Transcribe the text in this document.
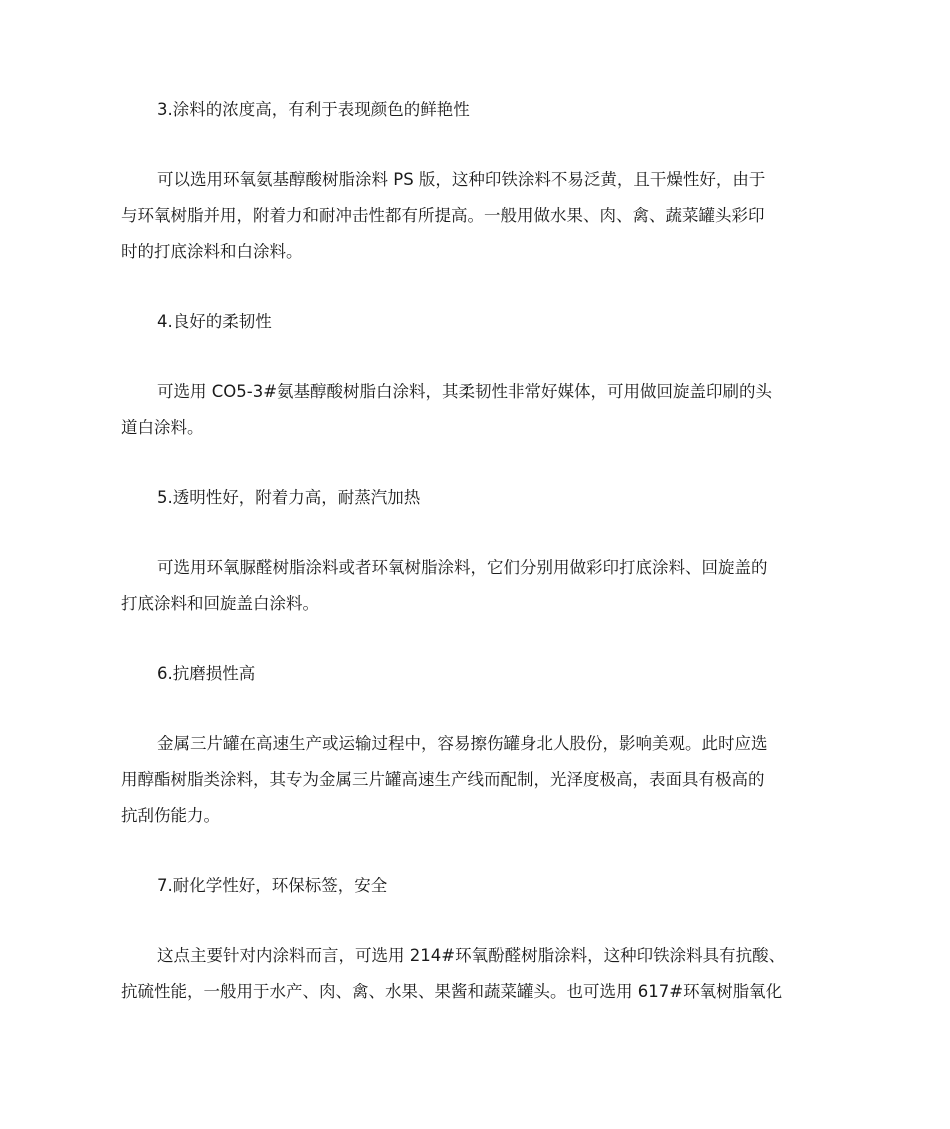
3.涂料的浓度高，有利于表现颜色的鲜艳性
可以选用环氧氨基醇酸树脂涂料 PS 版，这种印铁涂料不易泛黄，且干燥性好，由于
与环氧树脂并用，附着力和耐冲击性都有所提高。一般用做水果、肉、禽、蔬菜罐头彩印
时的打底涂料和白涂料。
4.良好的柔韧性
可选用 CO5-3#氨基醇酸树脂白涂料，其柔韧性非常好媒体，可用做回旋盖印刷的头
道白涂料。
5.透明性好，附着力高，耐蒸汽加热
可选用环氧脲醛树脂涂料或者环氧树脂涂料，它们分别用做彩印打底涂料、回旋盖的
打底涂料和回旋盖白涂料。
6.抗磨损性高
金属三片罐在高速生产或运输过程中，容易擦伤罐身北人股份，影响美观。此时应选
用醇酯树脂类涂料，其专为金属三片罐高速生产线而配制，光泽度极高，表面具有极高的
抗刮伤能力。
7.耐化学性好，环保标签，安全
这点主要针对内涂料而言，可选用 214#环氧酚醛树脂涂料，这种印铁涂料具有抗酸、
抗硫性能，一般用于水产、肉、禽、水果、果酱和蔬菜罐头。也可选用 617#环氧树脂氧化
